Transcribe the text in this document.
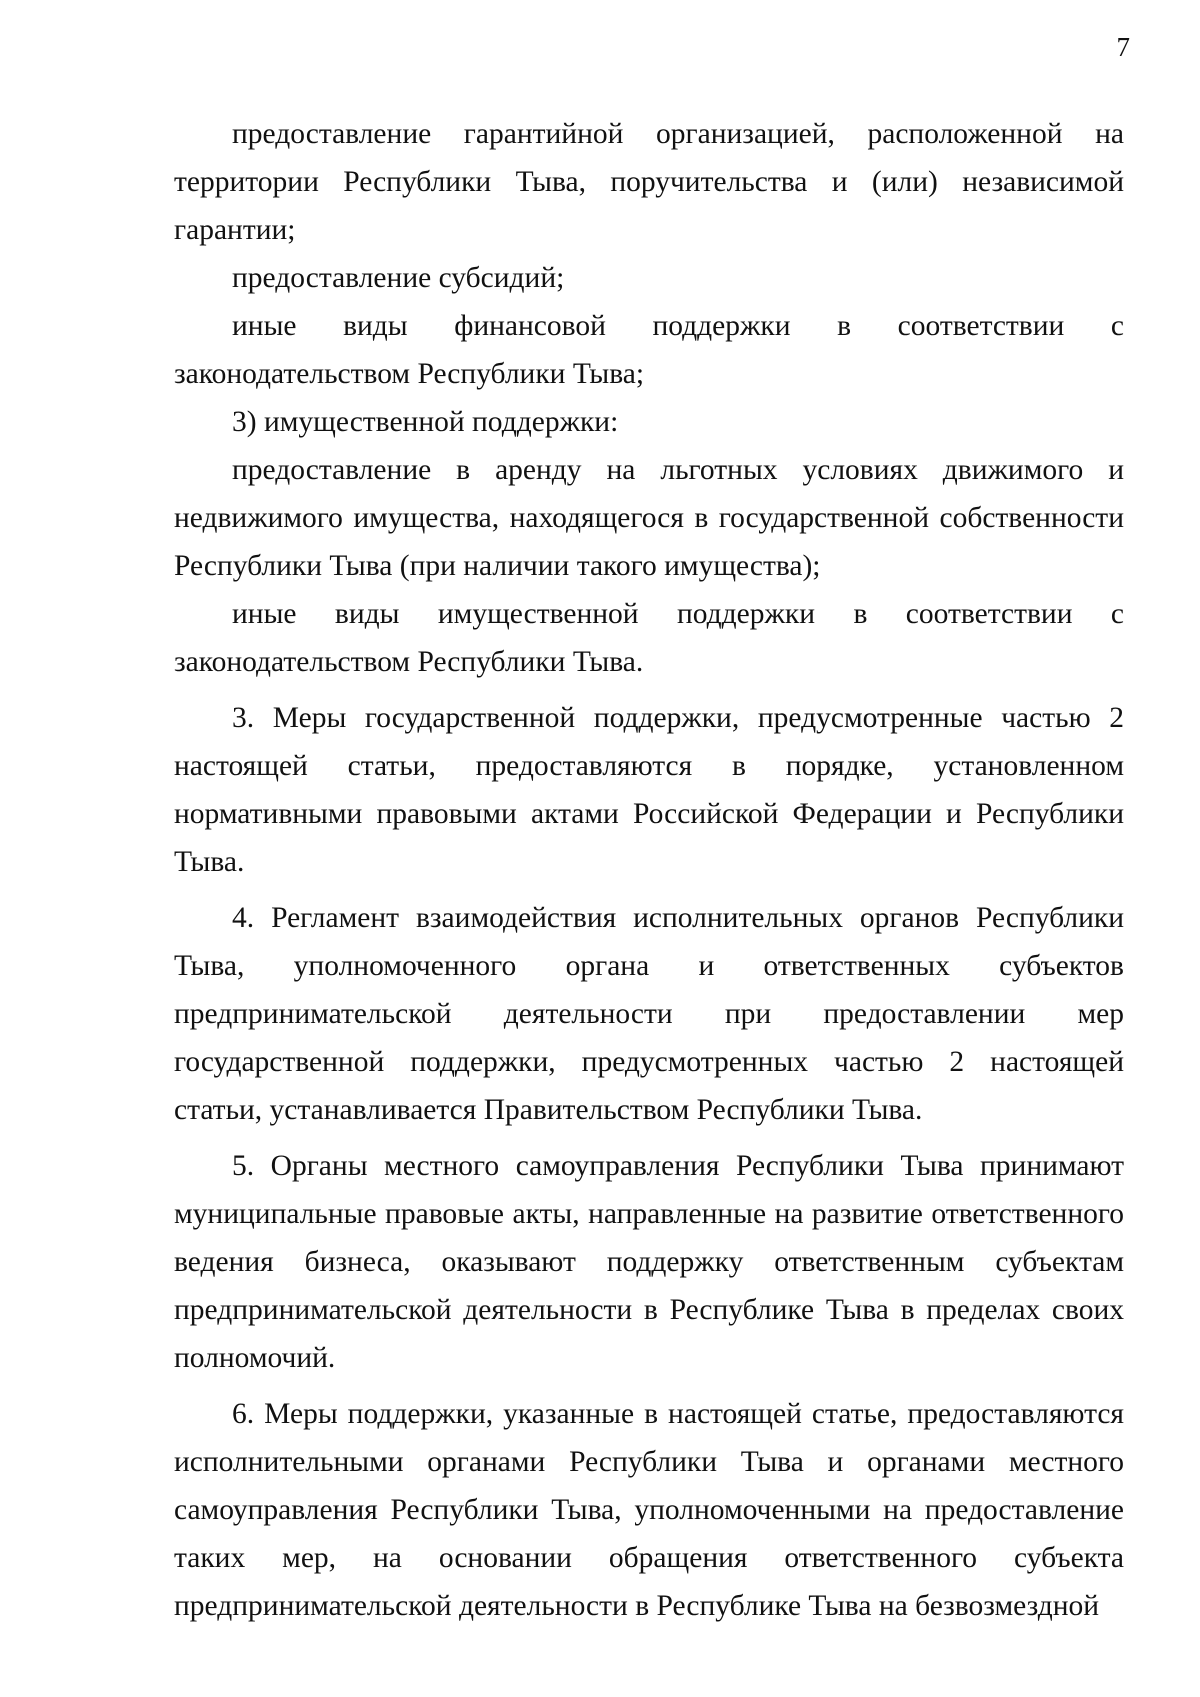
7

предоставление гарантийной организацией, расположенной на территории Республики Тыва, поручительства и (или) независимой гарантии;

предоставление субсидий;

иные виды финансовой поддержки в соответствии с законодательством Республики Тыва;

3) имущественной поддержки:

предоставление в аренду на льготных условиях движимого и недвижимого имущества, находящегося в государственной собственности Республики Тыва (при наличии такого имущества);

иные виды имущественной поддержки в соответствии с законодательством Республики Тыва.

3. Меры государственной поддержки, предусмотренные частью 2 настоящей статьи, предоставляются в порядке, установленном нормативными правовыми актами Российской Федерации и Республики Тыва.

4. Регламент взаимодействия исполнительных органов Республики Тыва, уполномоченного органа и ответственных субъектов предпринимательской деятельности при предоставлении мер государственной поддержки, предусмотренных частью 2 настоящей статьи, устанавливается Правительством Республики Тыва.

5. Органы местного самоуправления Республики Тыва принимают муниципальные правовые акты, направленные на развитие ответственного ведения бизнеса, оказывают поддержку ответственным субъектам предпринимательской деятельности в Республике Тыва в пределах своих полномочий.

6. Меры поддержки, указанные в настоящей статье, предоставляются исполнительными органами Республики Тыва и органами местного самоуправления Республики Тыва, уполномоченными на предоставление таких мер, на основании обращения ответственного субъекта предпринимательской деятельности в Республике Тыва на безвозмездной
